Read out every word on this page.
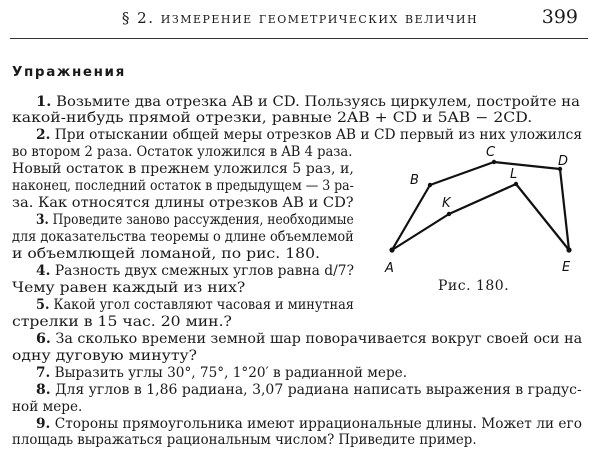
§ 2. измерение геометрических величин	399
Упражнения
1. Возьмите два отрезка AB и CD. Пользуясь циркулем, постройте на
какой-нибудь прямой отрезки, равные 2AB + CD и 5AB − 2CD.
2. При отыскании общей меры отрезков AB и CD первый из них уложился
во втором 2 раза. Остаток уложился в AB 4 раза.
Новый остаток в прежнем уложился 5 раз, и,
наконец, последний остаток в предыдущем — 3 ра-
за. Как относятся длины отрезков AB и CD?
3. Проведите заново рассуждения, необходимые
для доказательства теоремы о длине объемлемой
и объемлющей ломаной, по рис. 180.
4. Разность двух смежных углов равна d/7?
Чему равен каждый из них?
5. Какой угол составляют часовая и минутная
стрелки в 15 час. 20 мин.?
6. За сколько времени земной шар поворачивается вокруг своей оси на
одну дуговую минуту?
7. Выразить углы 30°, 75°, 1°20′ в радианной мере.
8. Для углов в 1,86 радиана, 3,07 радиана написать выражения в градус-
ной мере.
9. Стороны прямоугольника имеют иррациональные длины. Может ли его
площадь выражаться рациональным числом? Приведите пример.
A
B
C
D
E
K
L
Рис. 180.
